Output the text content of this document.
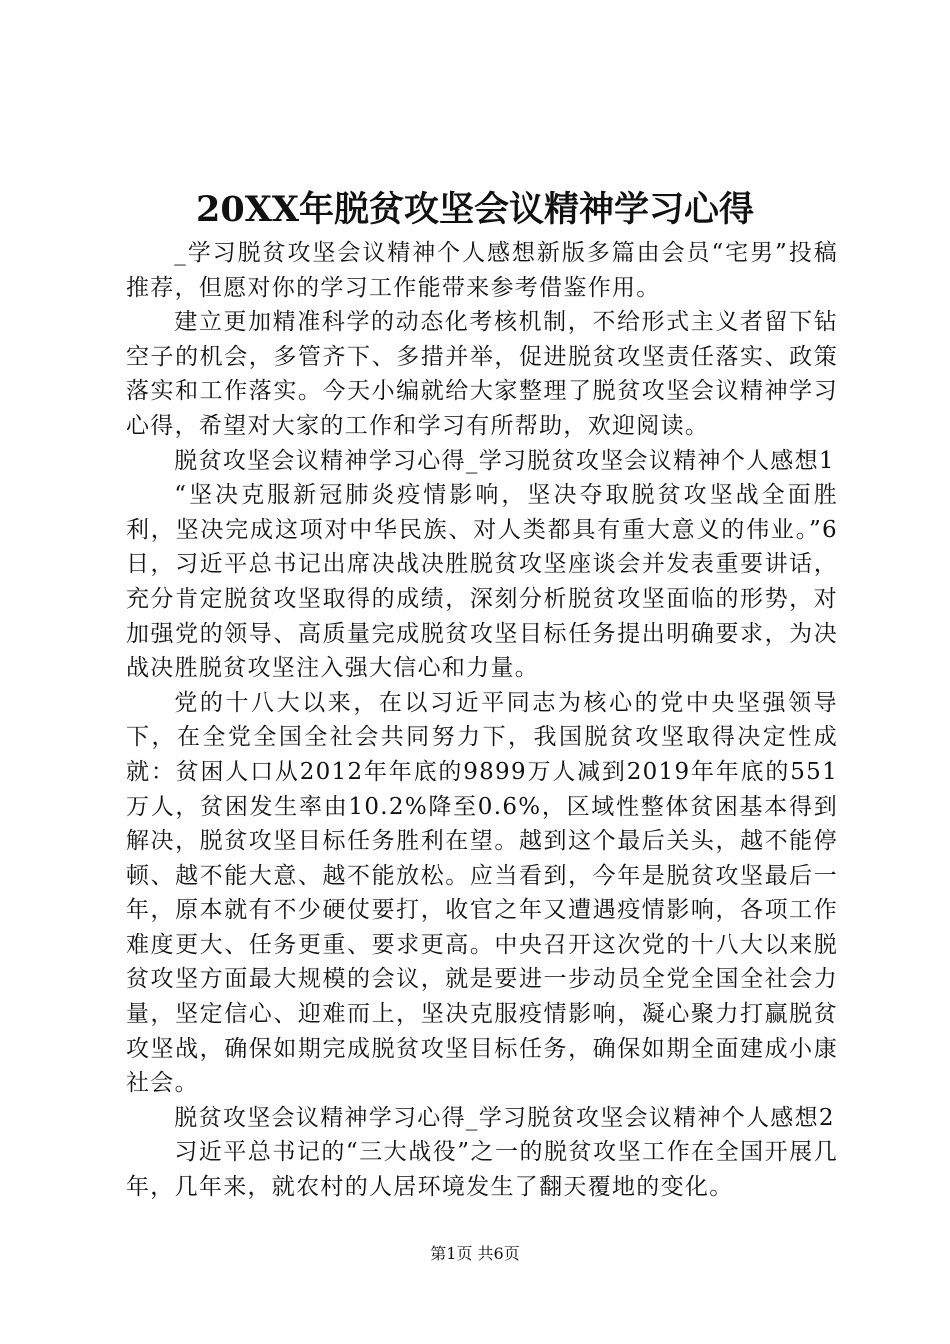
20XX年脱贫攻坚会议精神学习心得

_学习脱贫攻坚会议精神个人感想新版多篇由会员“宅男”投稿推荐，但愿对你的学习工作能带来参考借鉴作用。

建立更加精准科学的动态化考核机制，不给形式主义者留下钻空子的机会，多管齐下、多措并举，促进脱贫攻坚责任落实、政策落实和工作落实。今天小编就给大家整理了脱贫攻坚会议精神学习心得，希望对大家的工作和学习有所帮助，欢迎阅读。

脱贫攻坚会议精神学习心得_学习脱贫攻坚会议精神个人感想1

“坚决克服新冠肺炎疫情影响，坚决夺取脱贫攻坚战全面胜利，坚决完成这项对中华民族、对人类都具有重大意义的伟业。”6日，习近平总书记出席决战决胜脱贫攻坚座谈会并发表重要讲话，充分肯定脱贫攻坚取得的成绩，深刻分析脱贫攻坚面临的形势，对加强党的领导、高质量完成脱贫攻坚目标任务提出明确要求，为决战决胜脱贫攻坚注入强大信心和力量。

党的十八大以来，在以习近平同志为核心的党中央坚强领导下，在全党全国全社会共同努力下，我国脱贫攻坚取得决定性成就：贫困人口从2012年年底的9899万人减到2019年年底的551万人，贫困发生率由10.2%降至0.6%，区域性整体贫困基本得到解决，脱贫攻坚目标任务胜利在望。越到这个最后关头，越不能停顿、越不能大意、越不能放松。应当看到，今年是脱贫攻坚最后一年，原本就有不少硬仗要打，收官之年又遭遇疫情影响，各项工作难度更大、任务更重、要求更高。中央召开这次党的十八大以来脱贫攻坚方面最大规模的会议，就是要进一步动员全党全国全社会力量，坚定信心、迎难而上，坚决克服疫情影响，凝心聚力打赢脱贫攻坚战，确保如期完成脱贫攻坚目标任务，确保如期全面建成小康社会。

脱贫攻坚会议精神学习心得_学习脱贫攻坚会议精神个人感想2

习近平总书记的“三大战役”之一的脱贫攻坚工作在全国开展几年，几年来，就农村的人居环境发生了翻天覆地的变化。

第1页 共6页
